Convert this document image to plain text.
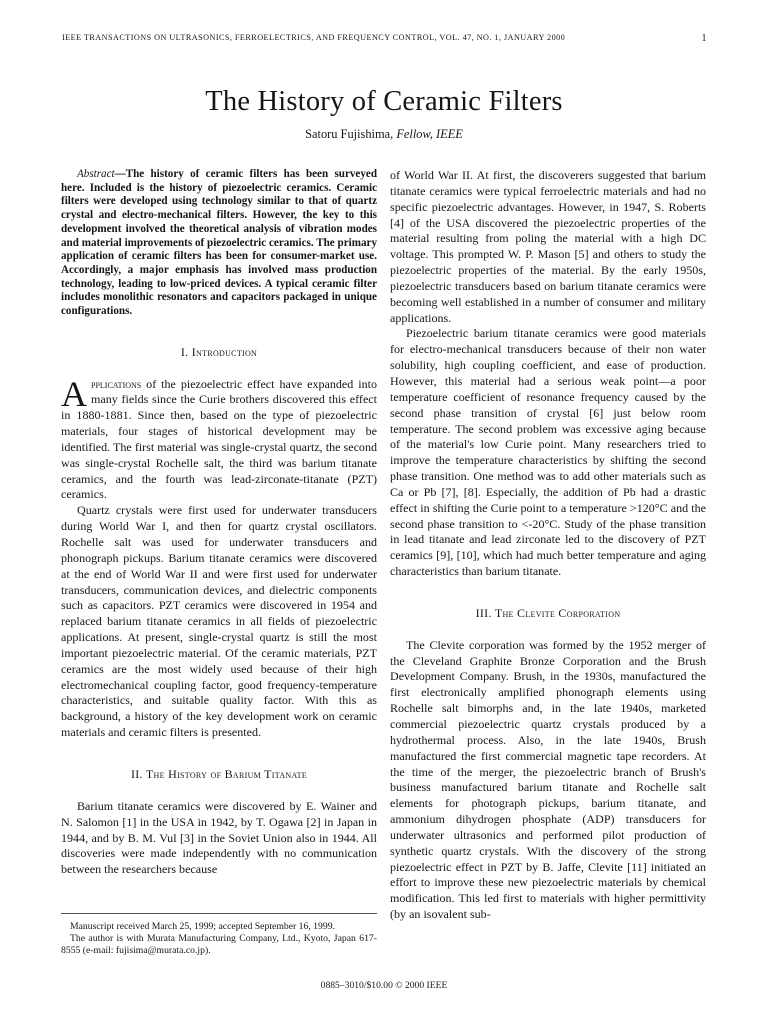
IEEE TRANSACTIONS ON ULTRASONICS, FERROELECTRICS, AND FREQUENCY CONTROL, VOL. 47, NO. 1, JANUARY 2000	1
The History of Ceramic Filters
Satoru Fujishima, Fellow, IEEE

Abstract—The history of ceramic filters has been surveyed here. Included is the history of piezoelectric ceramics. Ceramic filters were developed using technology similar to that of quartz crystal and electro-mechanical filters. However, the key to this development involved the theoretical analysis of vibration modes and material improvements of piezoelectric ceramics. The primary application of ceramic filters has been for consumer-market use. Accordingly, a major emphasis has involved mass production technology, leading to low-priced devices. A typical ceramic filter includes monolithic resonators and capacitors packaged in unique configurations.

I. Introduction

Applications of the piezoelectric effect have expanded into many fields since the Curie brothers discovered this effect in 1880-1881. Since then, based on the type of piezoelectric materials, four stages of historical development may be identified. The first material was single-crystal quartz, the second was single-crystal Rochelle salt, the third was barium titanate ceramics, and the fourth was lead-zirconate-titanate (PZT) ceramics.

Quartz crystals were first used for underwater transducers during World War I, and then for quartz crystal oscillators. Rochelle salt was used for underwater transducers and phonograph pickups. Barium titanate ceramics were discovered at the end of World War II and were first used for underwater transducers, communication devices, and dielectric components such as capacitors. PZT ceramics were discovered in 1954 and replaced barium titanate ceramics in all fields of piezoelectric applications. At present, single-crystal quartz is still the most important piezoelectric material. Of the ceramic materials, PZT ceramics are the most widely used because of their high electromechanical coupling factor, good frequency-temperature characteristics, and suitable quality factor. With this as background, a history of the key development work on ceramic materials and ceramic filters is presented.

II. The History of Barium Titanate

Barium titanate ceramics were discovered by E. Wainer and N. Salomon [1] in the USA in 1942, by T. Ogawa [2] in Japan in 1944, and by B. M. Vul [3] in the Soviet Union also in 1944. All discoveries were made independently with no communication between the researchers because

Manuscript received March 25, 1999; accepted September 16, 1999.

The author is with Murata Manufacturing Company, Ltd., Kyoto, Japan 617-8555 (e-mail: fujisima@murata.co.jp).

of World War II. At first, the discoverers suggested that barium titanate ceramics were typical ferroelectric materials and had no specific piezoelectric advantages. However, in 1947, S. Roberts [4] of the USA discovered the piezoelectric properties of the material resulting from poling the material with a high DC voltage. This prompted W. P. Mason [5] and others to study the piezoelectric properties of the material. By the early 1950s, piezoelectric transducers based on barium titanate ceramics were becoming well established in a number of consumer and military applications.

Piezoelectric barium titanate ceramics were good materials for electro-mechanical transducers because of their non water solubility, high coupling coefficient, and ease of production. However, this material had a serious weak point—a poor temperature coefficient of resonance frequency caused by the second phase transition of crystal [6] just below room temperature. The second problem was excessive aging because of the material's low Curie point. Many researchers tried to improve the temperature characteristics by shifting the second phase transition. One method was to add other materials such as Ca or Pb [7], [8]. Especially, the addition of Pb had a drastic effect in shifting the Curie point to a temperature >120°C and the second phase transition to <-20°C. Study of the phase transition in lead titanate and lead zirconate led to the discovery of PZT ceramics [9], [10], which had much better temperature and aging characteristics than barium titanate.

III. The Clevite Corporation

The Clevite corporation was formed by the 1952 merger of the Cleveland Graphite Bronze Corporation and the Brush Development Company. Brush, in the 1930s, manufactured the first electronically amplified phonograph elements using Rochelle salt bimorphs and, in the late 1940s, marketed commercial piezoelectric quartz crystals produced by a hydrothermal process. Also, in the late 1940s, Brush manufactured the first commercial magnetic tape recorders. At the time of the merger, the piezoelectric branch of Brush's business manufactured barium titanate and Rochelle salt elements for photograph pickups, barium titanate, and ammonium dihydrogen phosphate (ADP) transducers for underwater ultrasonics and performed pilot production of synthetic quartz crystals. With the discovery of the strong piezoelectric effect in PZT by B. Jaffe, Clevite [11] initiated an effort to improve these new piezoelectric materials by chemical modification. This led first to materials with higher permittivity (by an isovalent sub-

0885–3010/$10.00 © 2000 IEEE
